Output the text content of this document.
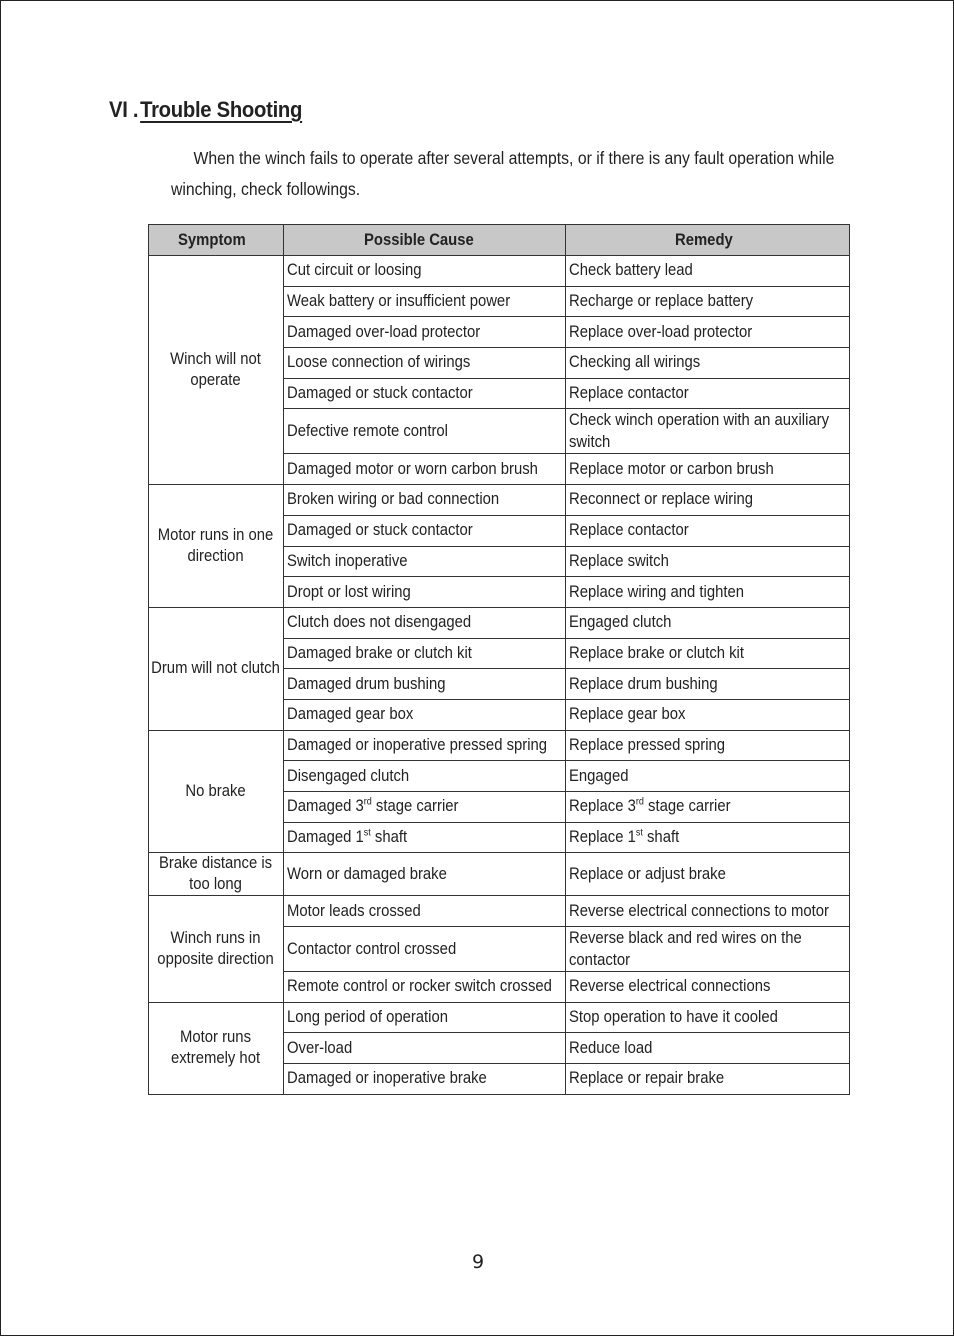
VI .Trouble Shooting
When the winch fails to operate after several attempts, or if there is any fault operation while
winching, check followings.
Symptom	Possible Cause	Remedy
Winch will not operate	Cut circuit or loosing	Check battery lead
	Weak battery or insufficient power	Recharge or replace battery
	Damaged over-load protector	Replace over-load protector
	Loose connection of wirings	Checking all wirings
	Damaged or stuck contactor	Replace contactor
	Defective remote control	Check winch operation with an auxiliary switch

	Damaged motor or worn carbon brush	Replace motor or carbon brush
Motor runs in one direction	Broken wiring or bad connection	Reconnect or replace wiring
	Damaged or stuck contactor	Replace contactor
	Switch inoperative	Replace switch
	Dropt or lost wiring	Replace wiring and tighten
Drum will not clutch	Clutch does not disengaged	Engaged clutch
	Damaged brake or clutch kit	Replace brake or clutch kit
	Damaged drum bushing	Replace drum bushing
	Damaged gear box	Replace gear box
No brake	Damaged or inoperative pressed spring	Replace pressed spring
	Disengaged clutch	Engaged
	Damaged 3rd stage carrier	Replace 3rd stage carrier
	Damaged 1st shaft	Replace 1st shaft
Brake distance is too long	Worn or damaged brake	Replace or adjust brake
Winch runs in opposite direction	Motor leads crossed	Reverse electrical connections to motor
	Contactor control crossed	Reverse black and red wires on the contactor

	Remote control or rocker switch crossed	Reverse electrical connections
Motor runs extremely hot	Long period of operation	Stop operation to have it cooled
	Over-load	Reduce load
	Damaged or inoperative brake	Replace or repair brake
9
